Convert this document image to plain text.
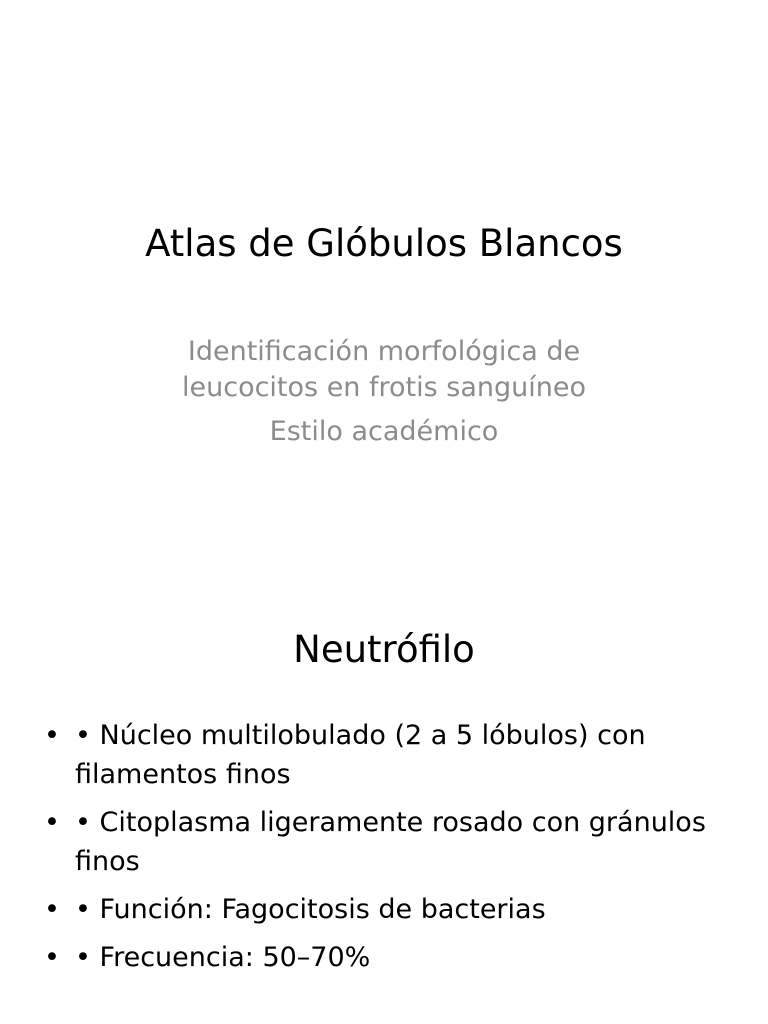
Atlas de Glóbulos Blancos
Identificación morfológica de
leucocitos en frotis sanguíneo
Estilo académico
Neutrófilo
• • Núcleo multilobulado (2 a 5 lóbulos) con filamentos finos
• • Citoplasma ligeramente rosado con gránulos finos
• • Función: Fagocitosis de bacterias
• • Frecuencia: 50–70%
